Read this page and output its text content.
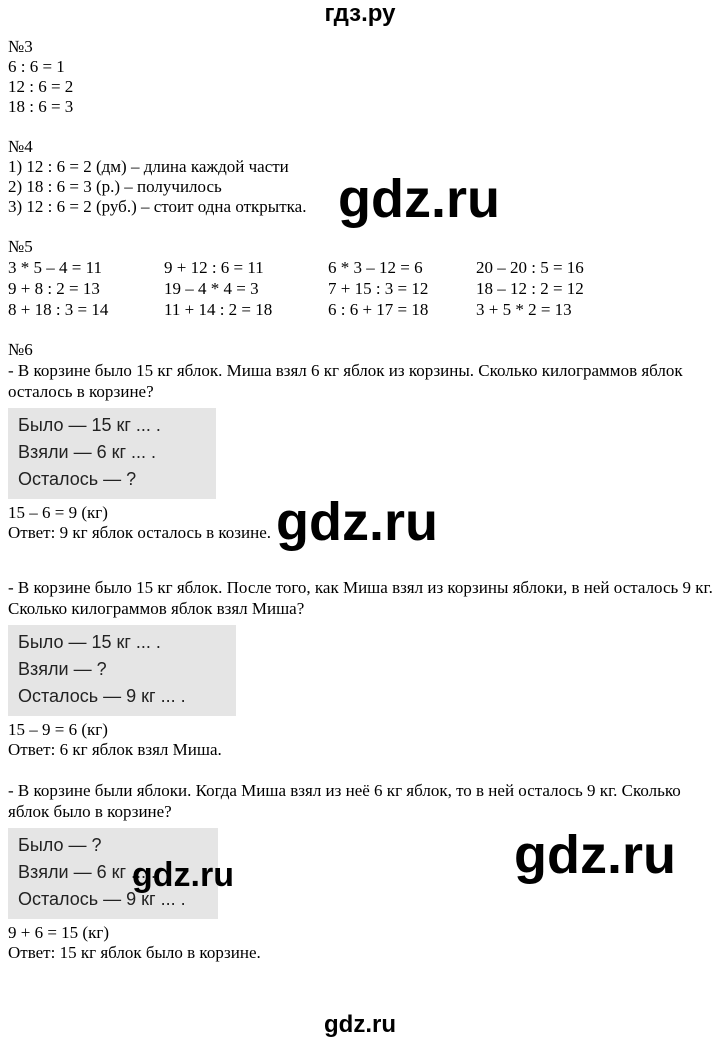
гдз.ру
№3
6 : 6 = 1
12 : 6 = 2
18 : 6 = 3
№4
1) 12 : 6 = 2 (дм) – длина каждой части
2) 18 : 6 = 3 (р.) – получилось
3) 12 : 6 = 2 (руб.) – стоит одна открытка.
№5
3 * 5 – 4 = 11	9 + 12 : 6 = 11	6 * 3 – 12 = 6	20 – 20 : 5 = 16
9 + 8 : 2 = 13	19 – 4 * 4 = 3	7 + 15 : 3 = 12	18 – 12 : 2 = 12
8 + 18 : 3 = 14	11 + 14 : 2 = 18	6 : 6 + 17 = 18	3 + 5 * 2 = 13
№6
- В корзине было 15 кг яблок. Миша взял 6 кг яблок из корзины. Сколько килограммов яблок осталось в корзине?
Было — 15 кг ... .
Взяли — 6 кг ... .
Осталось — ?
15 – 6 = 9 (кг)
Ответ: 9 кг яблок осталось в козине.
- В корзине было 15 кг яблок. После того, как Миша взял из корзины яблоки, в ней осталось 9 кг. Сколько килограммов яблок взял Миша?
Было — 15 кг ... .
Взяли — ?
Осталось — 9 кг ... .
15 – 9 = 6 (кг)
Ответ: 6 кг яблок взял Миша.
- В корзине были яблоки. Когда Миша взял из неё 6 кг яблок, то в ней осталось 9 кг. Сколько яблок было в корзине?
Было — ?
Взяли — 6 кг ... .
Осталось — 9 кг ... .
9 + 6 = 15 (кг)
Ответ: 15 кг яблок было в корзине.
gdz.ru
gdz.ru
gdz.ru
gdz.ru
gdz.ru
